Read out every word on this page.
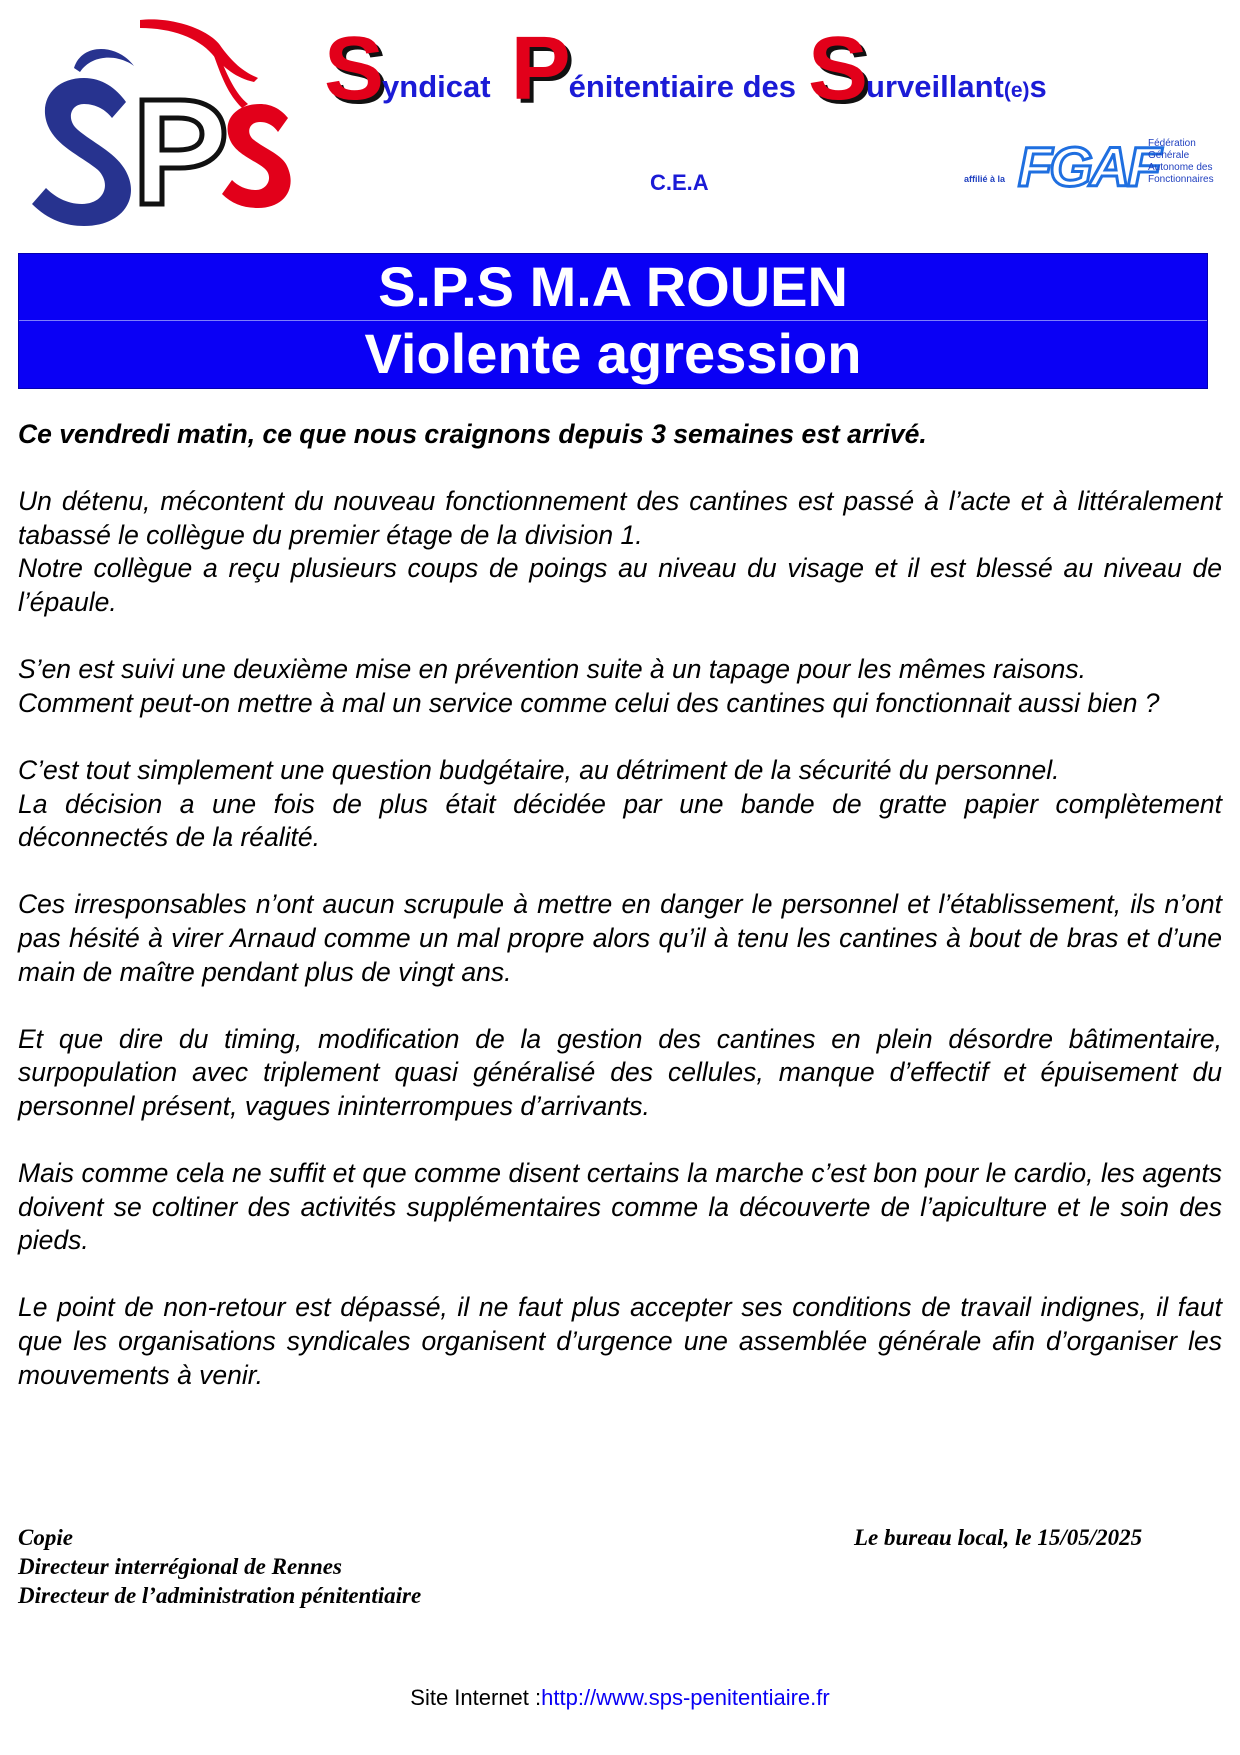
Syndicat Pénitentiaire des Surveillant(e)s
C.E.A	affilié à la FGAF
Fédération
Générale
Autonome des
Fonctionnaires
S.P.S M.A ROUEN
Violente agression

Ce vendredi matin, ce que nous craignons depuis 3 semaines est arrivé.

Un détenu, mécontent du nouveau fonctionnement des cantines est passé à l’acte et à littéralement tabassé le collègue du premier étage de la division 1.

Notre collègue a reçu plusieurs coups de poings au niveau du visage et il est blessé au niveau de l’épaule.

S’en est suivi une deuxième mise en prévention suite à un tapage pour les mêmes raisons.

Comment peut-on mettre à mal un service comme celui des cantines qui fonctionnait aussi bien ?

C’est tout simplement une question budgétaire, au détriment de la sécurité du personnel.

La décision a une fois de plus était décidée par une bande de gratte papier complètement déconnectés de la réalité.

Ces irresponsables n’ont aucun scrupule à mettre en danger le personnel et l’établissement, ils n’ont pas hésité à virer Arnaud comme un mal propre alors qu’il à tenu les cantines à bout de bras et d’une main de maître pendant plus de vingt ans.

Et que dire du timing, modification de la gestion des cantines en plein désordre bâtimentaire, surpopulation avec triplement quasi généralisé des cellules, manque d’effectif et épuisement du personnel présent, vagues ininterrompues d’arrivants.

Mais comme cela ne suffit et que comme disent certains la marche c’est bon pour le cardio, les agents doivent se coltiner des activités supplémentaires comme la découverte de l’apiculture et le soin des pieds.

Le point de non-retour est dépassé, il ne faut plus accepter ses conditions de travail indignes, il faut que les organisations syndicales organisent d’urgence une assemblée générale afin d’organiser les mouvements à venir.

Copie
Directeur interrégional de Rennes
Directeur de l’administration pénitentiaire
Le bureau local, le 15/05/2025
Site Internet :http://www.sps-penitentiaire.fr
